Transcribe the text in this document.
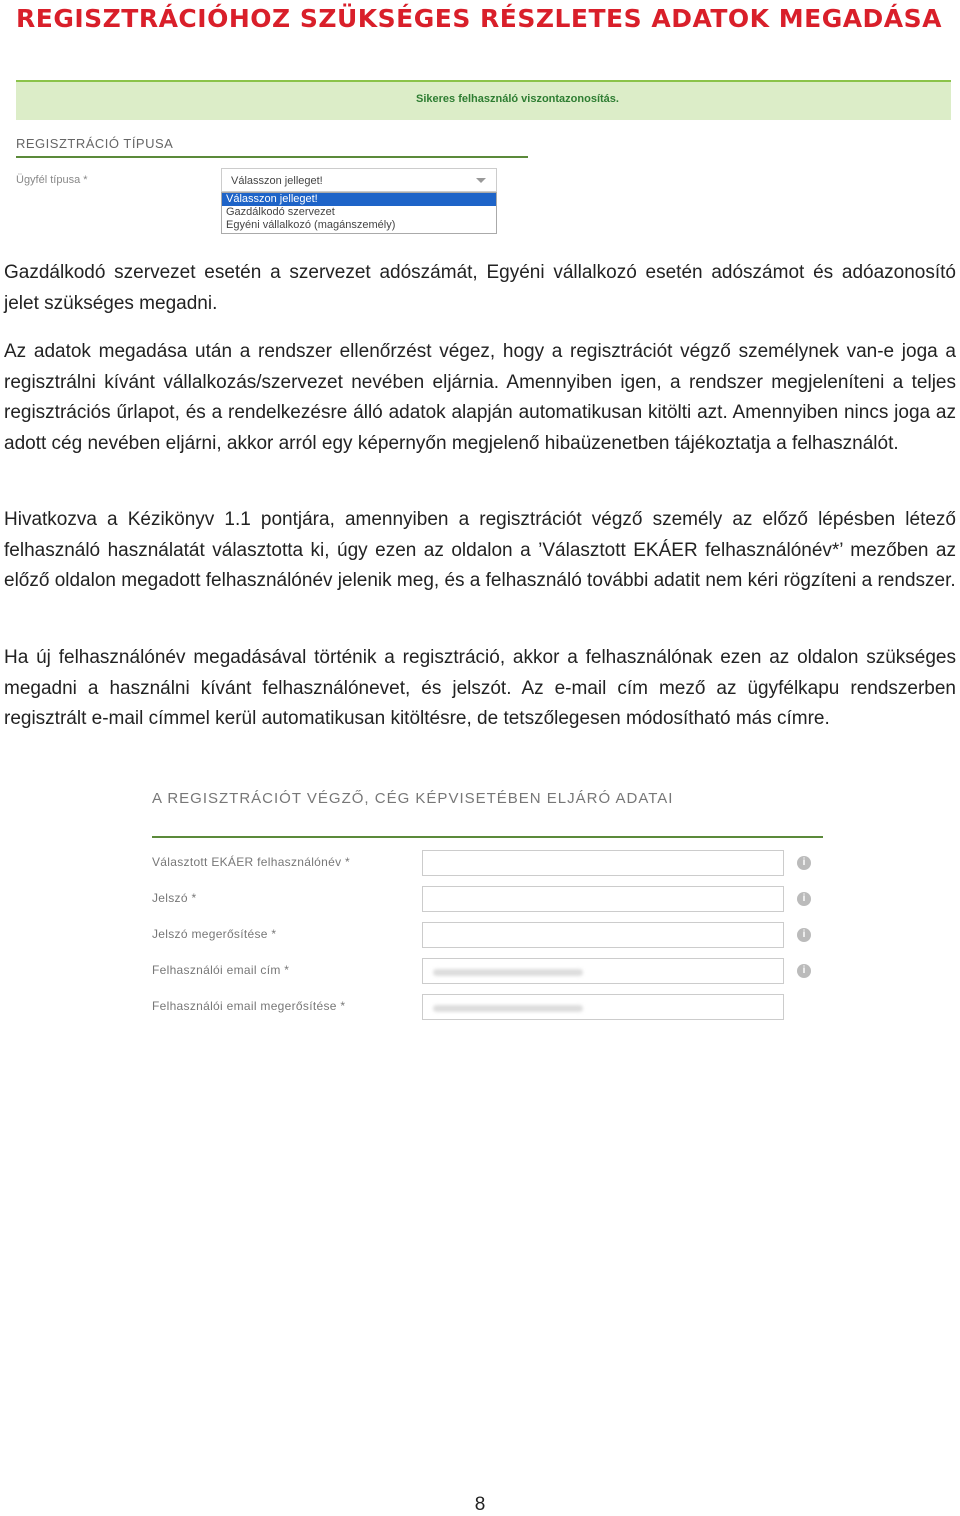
REGISZTRÁCIÓHOZ SZÜKSÉGES RÉSZLETES ADATOK MEGADÁSA
Sikeres felhasználó viszontazonosítás.
REGISZTRÁCIÓ TÍPUSA
Ügyfél típusa *	Válasszon jelleget!
Válasszon jelleget!
Gazdálkodó szervezet
Egyéni vállalkozó (magánszemély)

Gazdálkodó szervezet esetén a szervezet adószámát, Egyéni vállalkozó esetén adószámot és adóazonosító jelet szükséges megadni.

Az adatok megadása után a rendszer ellenőrzést végez, hogy a regisztrációt végző személynek van-e joga a regisztrálni kívánt vállalkozás/szervezet nevében eljárnia. Amennyiben igen, a rendszer megjeleníteni a teljes regisztrációs űrlapot, és a rendelkezésre álló adatok alapján automatikusan kitölti azt. Amennyiben nincs joga az adott cég nevében eljárni, akkor arról egy képernyőn megjelenő hibaüzenetben tájékoztatja a felhasználót.

Hivatkozva a Kézikönyv 1.1 pontjára, amennyiben a regisztrációt végző személy az előző lépésben létező felhasználó használatát választotta ki, úgy ezen az oldalon a ’Választott EKÁER felhasználónév*’ mezőben az előző oldalon megadott felhasználónév jelenik meg, és a felhasználó további adatit nem kéri rögzíteni a rendszer.

Ha új felhasználónév megadásával történik a regisztráció, akkor a felhasználónak ezen az oldalon szükséges megadni a használni kívánt felhasználónevet, és jelszót. Az e-mail cím mező az ügyfélkapu rendszerben regisztrált e-mail címmel kerül automatikusan kitöltésre, de tetszőlegesen módosítható más címre.

A REGISZTRÁCIÓT VÉGZŐ, CÉG KÉPVISETÉBEN ELJÁRÓ ADATAI
Választott EKÁER felhasználónév *	i
Jelszó *	i
Jelszó megerősítése *	i
Felhasználói email cím *	i
Felhasználói email megerősítése *
8
